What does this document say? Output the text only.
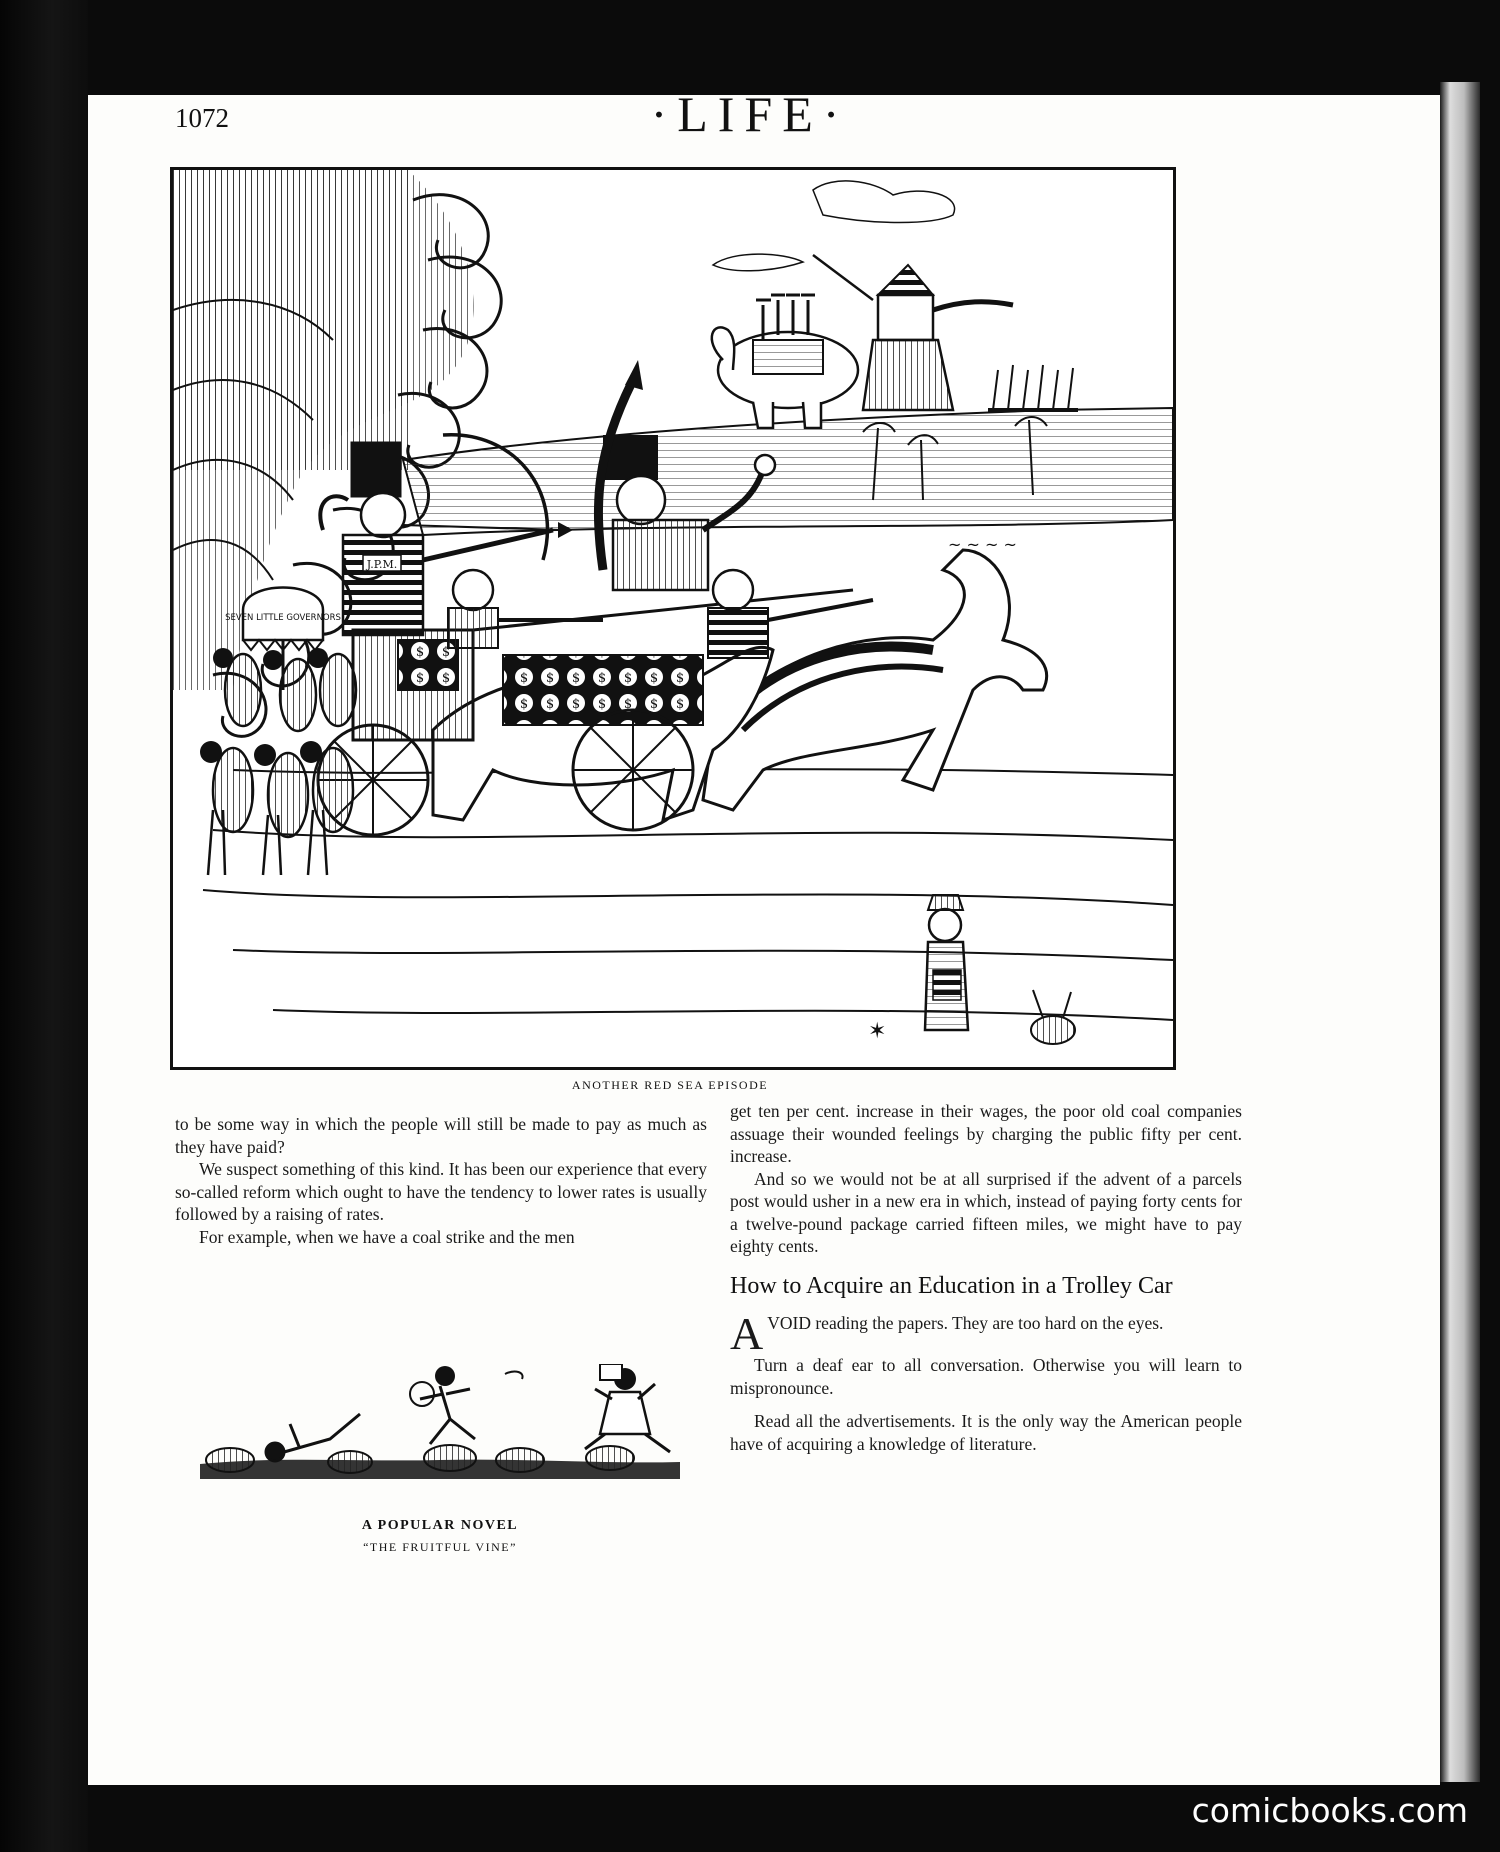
1072	·LIFE·
~ ~ ~ ~
J.P.M.
SEVEN LITTLE GOVERNORS
✶
ANOTHER RED SEA EPISODE

to be some way in which the people will still be made to pay as much as they have paid?

We suspect something of this kind. It has been our experience that every so-called reform which ought to have the tendency to lower rates is usually followed by a raising of rates.

For example, when we have a coal strike and the men

get ten per cent. increase in their wages, the poor old coal companies assuage their wounded feelings by charging the public fifty per cent. increase.

And so we would not be at all surprised if the advent of a parcels post would usher in a new era in which, instead of paying forty cents for a twelve-pound package carried fifteen miles, we might have to pay eighty cents.

How to Acquire an Education in a Trolley Car

AVOID reading the papers. They are too hard on the eyes.

Turn a deaf ear to all conversation. Otherwise you will learn to mispronounce.

Read all the advertisements. It is the only way the American people have of acquiring a knowledge of literature.

A POPULAR NOVEL
“THE FRUITFUL VINE”
comicbooks.com
